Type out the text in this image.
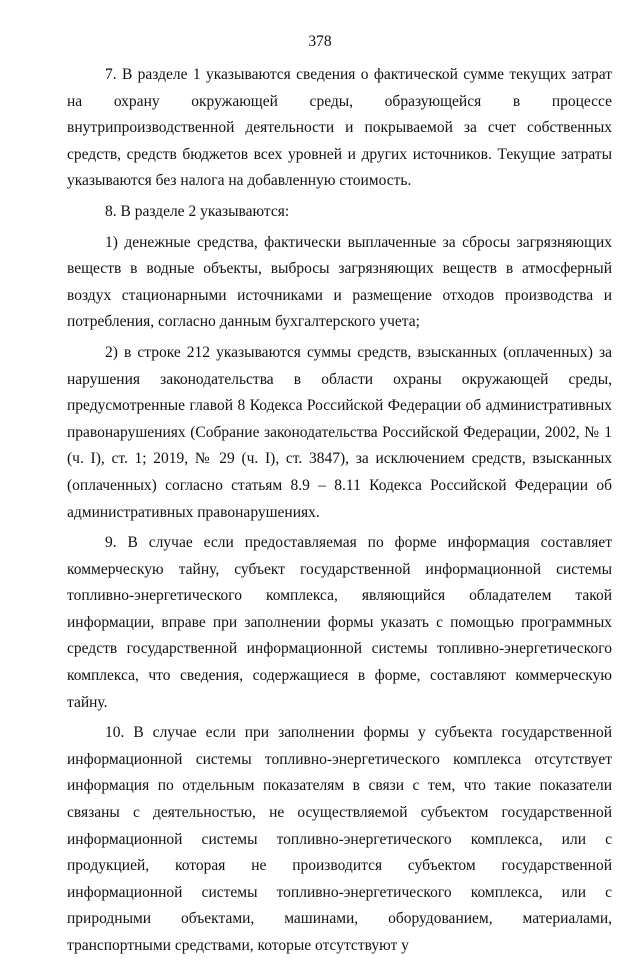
378

7. В разделе 1 указываются сведения о фактической сумме текущих затрат на охрану окружающей среды, образующейся в процессе внутрипроизводственной деятельности и покрываемой за счет собственных средств, средств бюджетов всех уровней и других источников. Текущие затраты указываются без налога на добавленную стоимость.

8. В разделе 2 указываются:

1) денежные средства, фактически выплаченные за сбросы загрязняющих веществ в водные объекты, выбросы загрязняющих веществ в атмосферный воздух стационарными источниками и размещение отходов производства и потребления, согласно данным бухгалтерского учета;

2) в строке 212 указываются суммы средств, взысканных (оплаченных) за нарушения законодательства в области охраны окружающей среды, предусмотренные главой 8 Кодекса Российской Федерации об административных правонарушениях (Собрание законодательства Российской Федерации, 2002, № 1 (ч. I), ст. 1; 2019, № 29 (ч. I), ст. 3847), за исключением средств, взысканных (оплаченных) согласно статьям 8.9 – 8.11 Кодекса Российской Федерации об административных правонарушениях.

9. В случае если предоставляемая по форме информация составляет коммерческую тайну, субъект государственной информационной системы топливно-энергетического комплекса, являющийся обладателем такой информации, вправе при заполнении формы указать с помощью программных средств государственной информационной системы топливно-энергетического комплекса, что сведения, содержащиеся в форме, составляют коммерческую тайну.

10. В случае если при заполнении формы у субъекта государственной информационной системы топливно-энергетического комплекса отсутствует информация по отдельным показателям в связи с тем, что такие показатели связаны с деятельностью, не осуществляемой субъектом государственной информационной системы топливно-энергетического комплекса, или с продукцией, которая не производится субъектом государственной информационной системы топливно-энергетического комплекса, или с природными объектами, машинами, оборудованием, материалами, транспортными средствами, которые отсутствуют у
